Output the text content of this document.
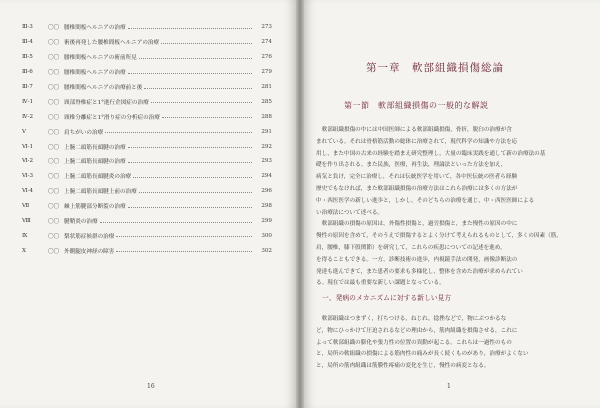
Ⅲ-3	〇〇 腰椎間板ヘルニアの治療	273
Ⅲ-4	〇〇 術後再発した腰椎間板ヘルニアの治療	274
Ⅲ-5	〇〇 腰椎間板ヘルニアの術前所見	276
Ⅲ-6	〇〇 腰椎間板ヘルニアの治療	279
Ⅲ-7	〇〇 腰椎間板ヘルニアの治療前と後	281
Ⅳ-1	〇〇 頸部脊椎症と1°進行企図症の治療	285
Ⅳ-2	〇〇 頸椎分離症と1°滑り症の分析症の治療	288
Ⅴ	〇〇 肩ちがいの治療	291
Ⅵ-1	〇〇 上腕二頭筋長頭腱の治療	292
Ⅵ-2	〇〇 上腕二頭筋長頭腱の治療	293
Ⅵ-3	〇〇 上腕二頭筋長頭腱炎の治療	294
Ⅵ-4	〇〇 上腕二頭筋長頭腱上前の治療	296
Ⅶ	〇〇 棘上筋腱部分断裂の治療	298
Ⅷ	〇〇 腱鞘炎の治療	299
Ⅸ	〇〇 梨状筋症候群の治療	300
Ⅹ	〇〇 外側腿皮神経の障害	302
16
第一章　軟部組織損傷総論
第一節　軟部組織損傷の一般的な解説

　軟部組織損傷の中には中国医師による軟部組織損傷，骨折，脱臼の治療が含

まれている。それは骨格筋活動の総体に治療されて，現代科学の知識や方法を応

用し，また中国の古来の経験を踏まえ研究整理し，大量の臨床実践を通して新の治療法の基

礎を作り出される。また民族，医療，再生法，理論法といった方法を加え，

病気と負け，完全に治療し，それは伝統医学を用いて，各中医伝統の医者ら経験

歴史でもなければ，また軟部組織損傷の治療方法はこれら治療には多くの方法が

中・西医医学の新しい進歩と，しかし，そのどちらの治療を通じ，中・西医医師による

い治療法について述べる。

　軟部組織の損傷の原因は，外傷性損傷と，過労損傷と，また慢性の原因の中に

慢性の原因を含めて，そのうえで損傷するとよく分けて考えられるものとして，多くの因素（筋，

肩，腰椎，膝下股関節）を研究して，これらの疾患についての記述を進め，

を得ることもできる。一方，診断技術の進歩，内視鏡手法の開発，画像診断法の

発達も進んできて，また患者の要求も多様化し，整体を含めた治療が求められてい

る。現在では最も重要な新しい課題となっている。

一、発病のメカニズムに対する新しい見方

　軟部組織はつまずく，打ちつける，ねじれ，捻挫などで，物にぶつかるな

ど，物にひっかけて圧迫されるなどの理由から，筋肉組織を損傷させる，これに

よって軟部組織の膨化や張力性の位置の異動が起こる。これらは一過性のもの

と，局所の軟組織の損傷による筋肉性の痛みが長く続くものがあり，治療がよくない

と，局所の筋肉組織は筋膜性疼痛の変化を生じ，慢性の病変となる。

1
